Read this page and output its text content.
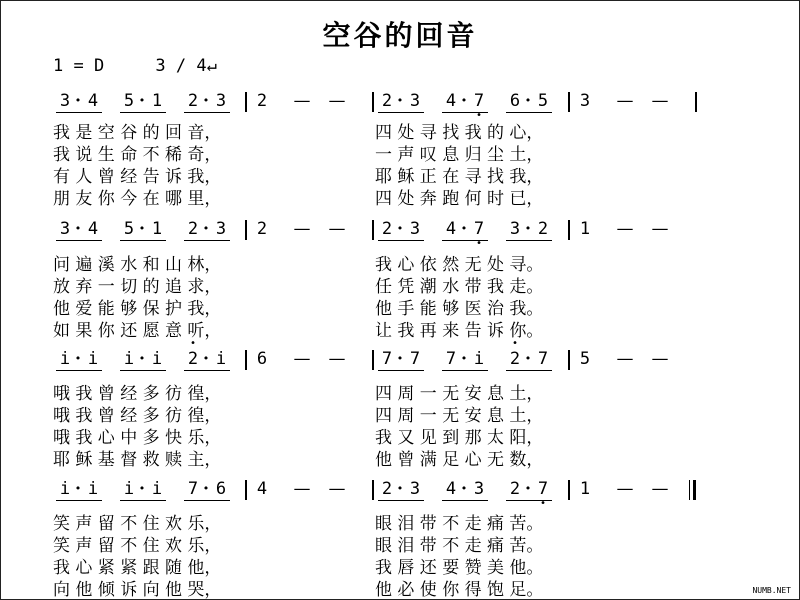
空谷的回音
1 = D	3 / 4↵
3 • 4 5 • 1 2 • 3 2 — — 2 • 3 4 • 7 • 6 • 5 3 — —
我 是 空 谷 的 回 音，
我 说 生 命 不 稀 奇，
有 人 曾 经 告 诉 我，
朋 友 你 今 在 哪 里，
四 处 寻 找 我 的 心，
一 声 叹 息 归 尘 土，
耶 稣 正 在 寻 找 我，
四 处 奔 跑 何 时 已，
3 • 4 5 • 1 2 • 3 2 — — 2 • 3 4 • 7 • 3 • 2 1 — —
问 遍 溪 水 和 山 林，
放 弃 一 切 的 追 求，
他 爱 能 够 保 护 我，
如 果 你 还 愿 意 听，
我 心 依 然 无 处 寻。
任 凭 潮 水 带 我 走。
他 手 能 够 医 治 我。
让 我 再 来 告 诉 你。
i • i i • i • 2 • i 6 — — 7 • 7 7 • i • 2 • 7 5 — —
哦 我 曾 经 多 彷 徨，
哦 我 曾 经 多 彷 徨，
哦 我 心 中 多 快 乐，
耶 稣 基 督 救 赎 主，
四 周 一 无 安 息 土，
四 周 一 无 安 息 土，
我 又 见 到 那 太 阳，
他 曾 满 足 心 无 数，
i • i i • i 7 • 6 4 — — 2 • 3 4 • 3 2 • 7 • 1 — —
笑 声 留 不 住 欢 乐，
笑 声 留 不 住 欢 乐，
我 心 紧 紧 跟 随 他，
向 他 倾 诉 向 他 哭，
眼 泪 带 不 走 痛 苦。
眼 泪 带 不 走 痛 苦。
我 唇 还 要 赞 美 他。
他 必 使 你 得 饱 足。	NUMB.NET
